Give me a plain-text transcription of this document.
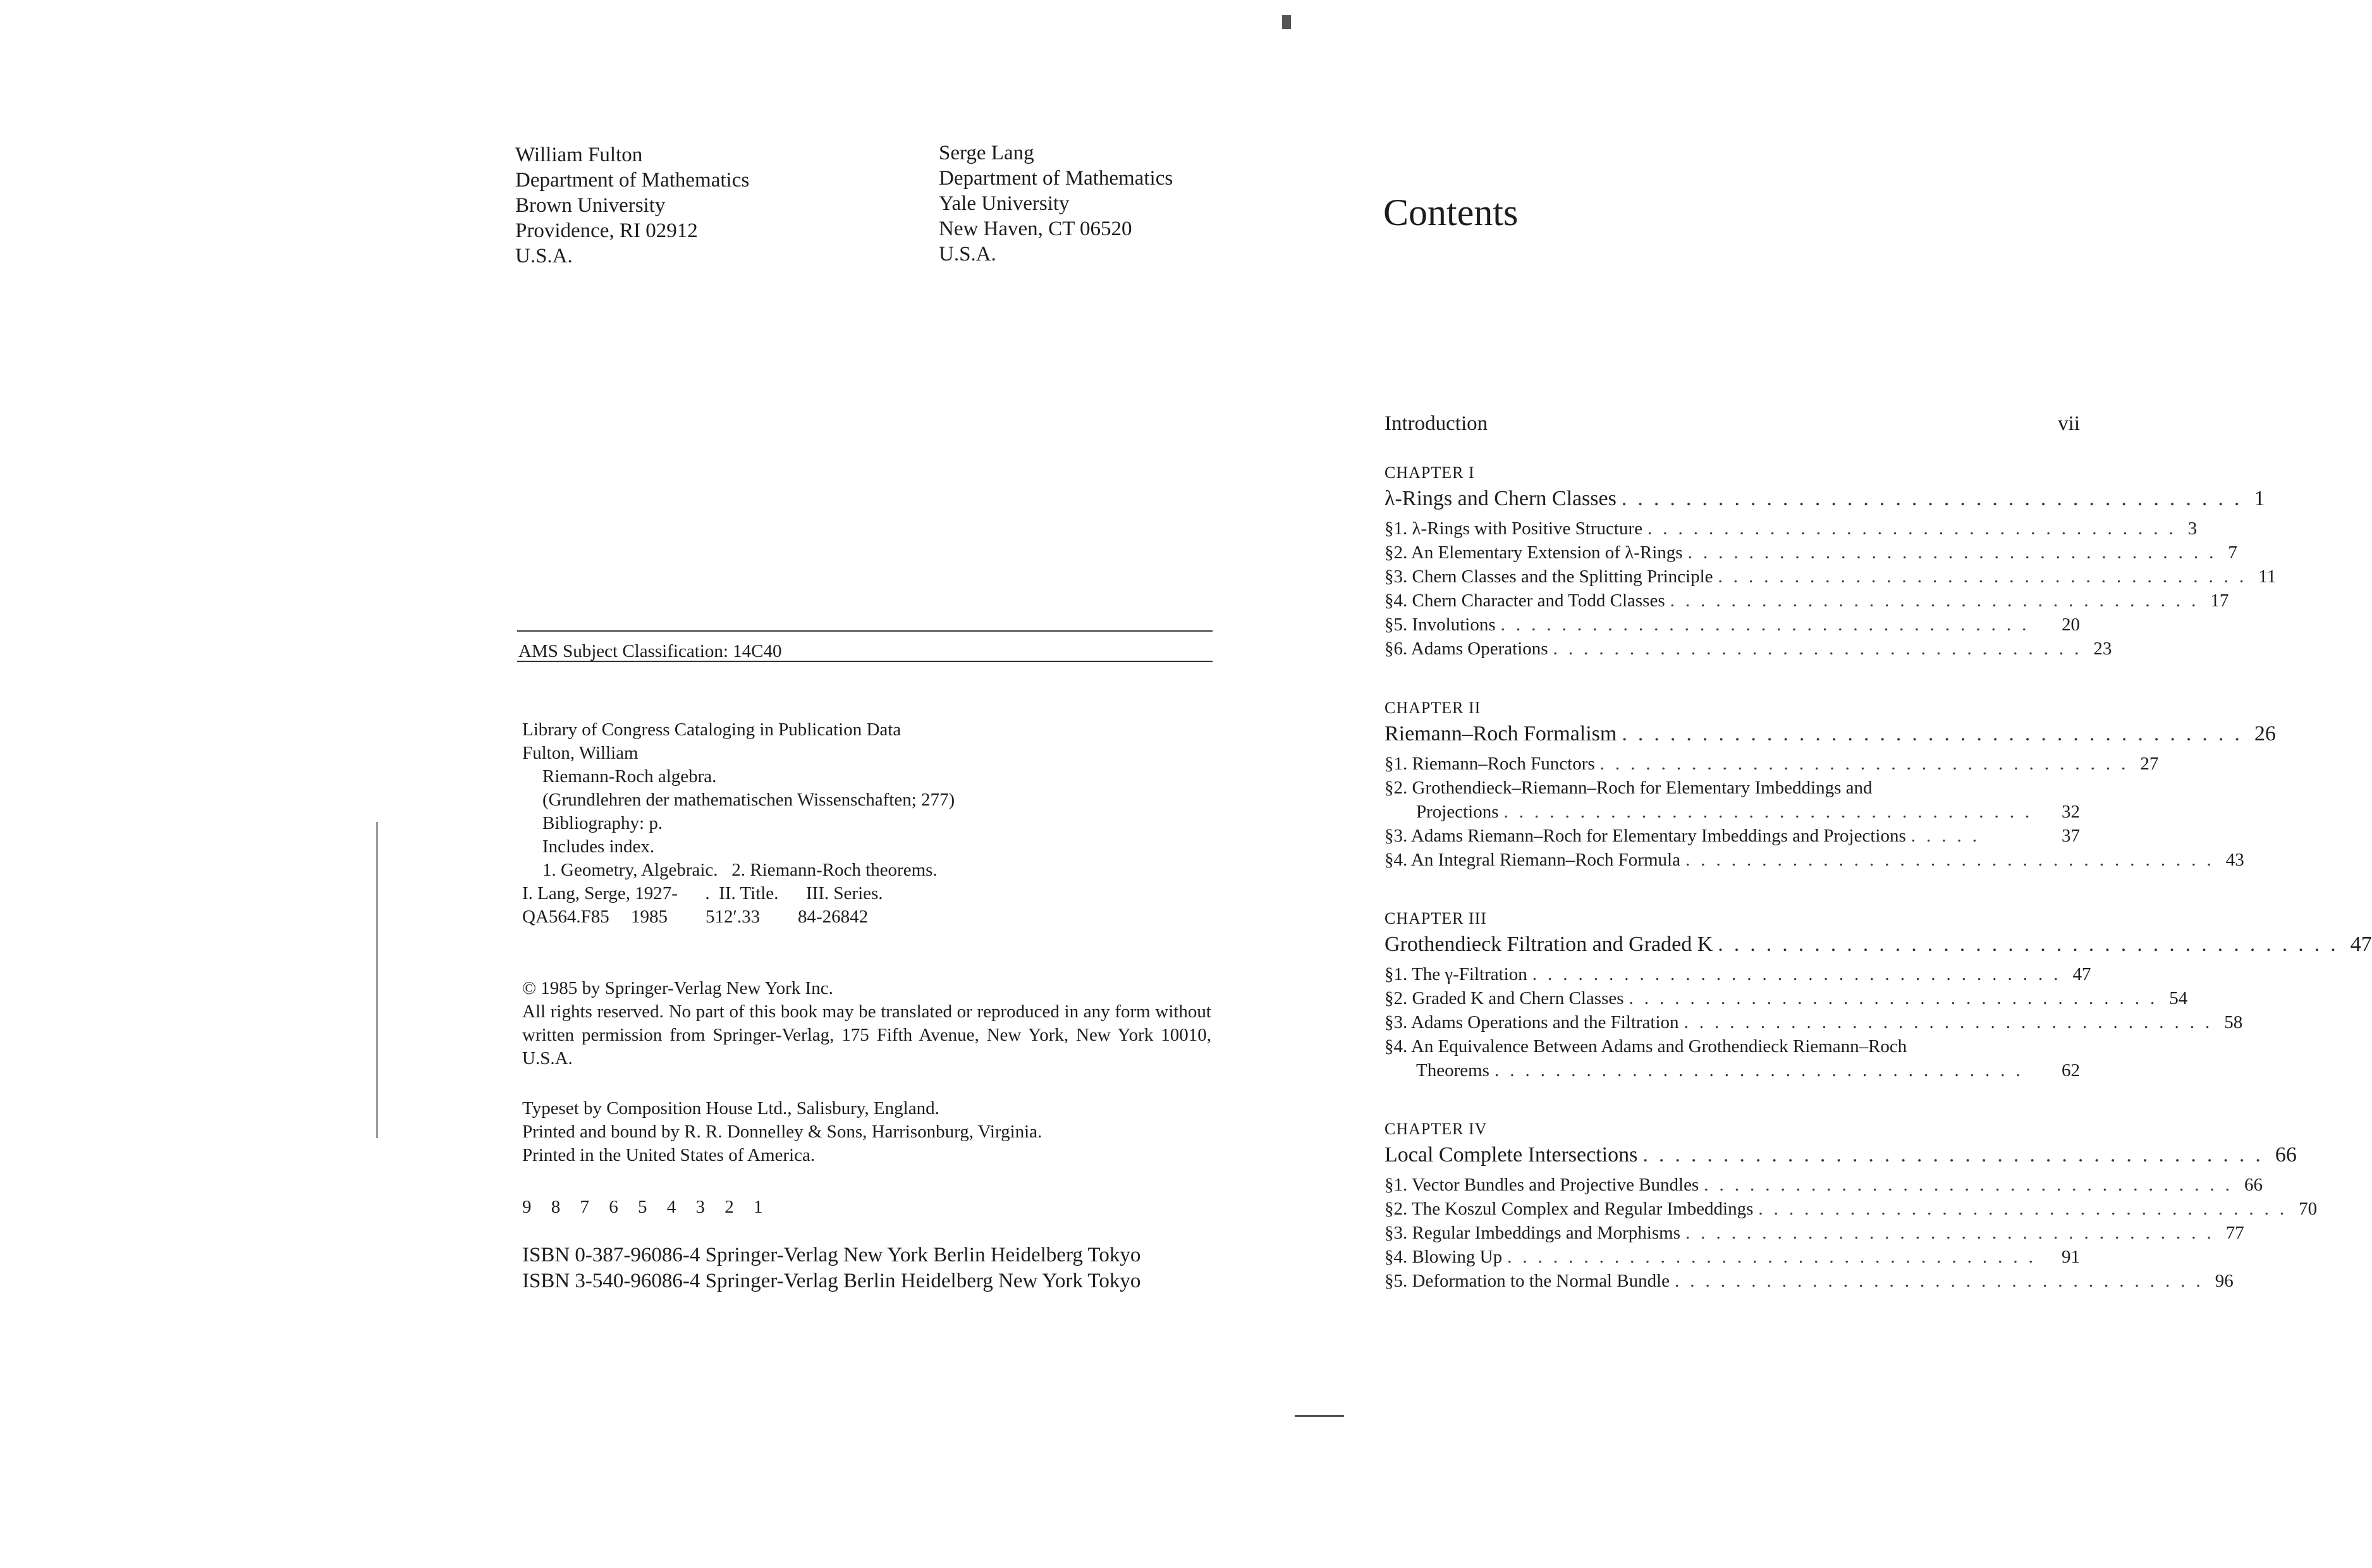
William Fulton
Department of Mathematics
Brown University
Providence, RI 02912
U.S.A.
Serge Lang
Department of Mathematics
Yale University
New Haven, CT 06520
U.S.A.
AMS Subject Classification: 14C40
Library of Congress Cataloging in Publication Data
Fulton, William
Riemann-Roch algebra.
(Grundlehren der mathematischen Wissenschaften; 277)
Bibliography: p.
Includes index.
1. Geometry, Algebraic.   2. Riemann-Roch theorems.
I. Lang, Serge, 1927-      .  II. Title.      III. Series.
QA564.F85 1985 512′.33 84-26842
© 1985 by Springer-Verlag New York Inc.
All rights reserved. No part of this book may be translated or reproduced in any form without written permission from Springer-Verlag, 175 Fifth Avenue, New York, New York 10010, U.S.A.
Typeset by Composition House Ltd., Salisbury, England.
Printed and bound by R. R. Donnelley & Sons, Harrisonburg, Virginia.
Printed in the United States of America.
9 8 7 6 5 4 3 2 1
ISBN 0-387-96086-4 Springer-Verlag New York Berlin Heidelberg Tokyo
ISBN 3-540-96086-4 Springer-Verlag Berlin Heidelberg New York Tokyo
Contents
Introduction	vii
CHAPTER I
λ-Rings and Chern Classes ....................................... 1
§1. λ-Rings with Positive Structure ................................... 3
§2. An Elementary Extension of λ-Rings ................................... 7
§3. Chern Classes and the Splitting Principle ................................... 11
§4. Chern Character and Todd Classes ................................... 17
§5. Involutions ...................................	20
§6. Adams Operations ................................... 23
CHAPTER II
Riemann–Roch Formalism ....................................... 26
§1. Riemann–Roch Functors ................................... 27
§2. Grothendieck–Riemann–Roch for Elementary Imbeddings and
Projections ...................................	32
§3. Adams Riemann–Roch for Elementary Imbeddings and Projections .....	37
§4. An Integral Riemann–Roch Formula ................................... 43
CHAPTER III
Grothendieck Filtration and Graded K ....................................... 47
§1. The γ-Filtration ................................... 47
§2. Graded K and Chern Classes ................................... 54
§3. Adams Operations and the Filtration ................................... 58
§4. An Equivalence Between Adams and Grothendieck Riemann–Roch
Theorems ...................................	62
CHAPTER IV
Local Complete Intersections ....................................... 66
§1. Vector Bundles and Projective Bundles ................................... 66
§2. The Koszul Complex and Regular Imbeddings ................................... 70
§3. Regular Imbeddings and Morphisms ................................... 77
§4. Blowing Up ................................... 91
§5. Deformation to the Normal Bundle ................................... 96
